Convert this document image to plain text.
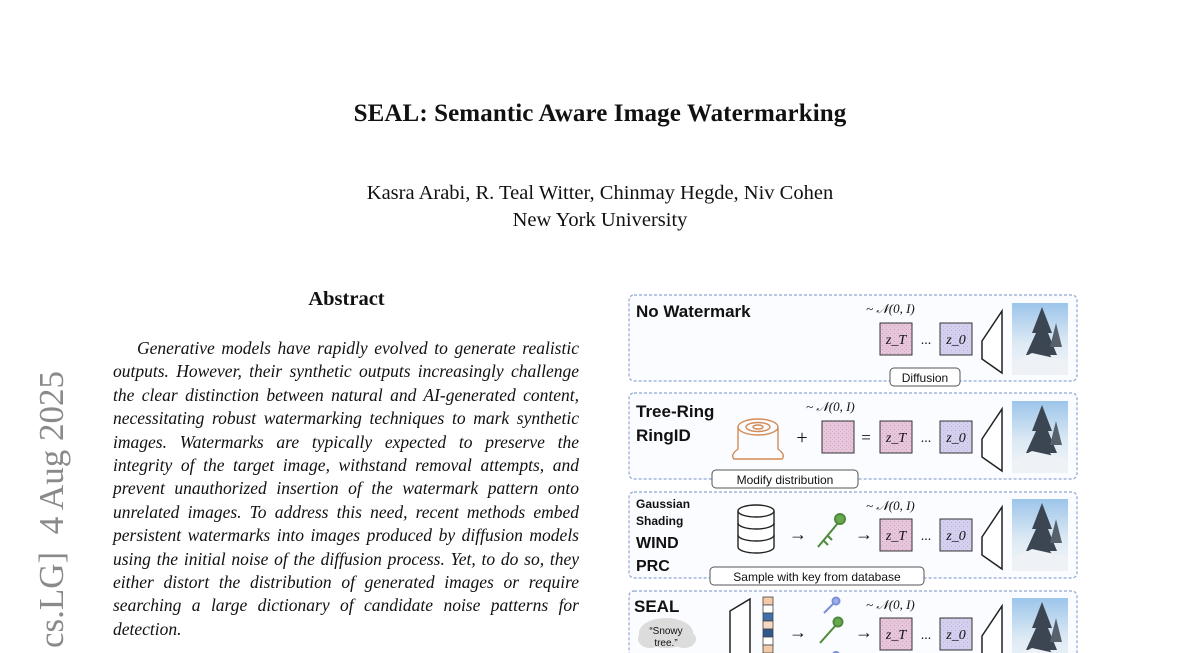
SEAL: Semantic Aware Image Watermarking
Kasra Arabi, R. Teal Witter, Chinmay Hegde, Niv Cohen
New York University
cs.LG]  4 Aug 2025
Abstract
Generative models have rapidly evolved to generate realistic outputs. However, their synthetic outputs increasingly challenge the clear distinction between natural and AI-generated content, necessitating robust watermarking techniques to mark synthetic images. Watermarks are typically expected to preserve the integrity of the target image, withstand removal attempts, and prevent unauthorized insertion of the watermark pattern onto unrelated images. To address this need, recent methods embed persistent watermarks into images produced by diffusion models using the initial noise of the diffusion process. Yet, to do so, they either distort the distribution of generated images or require searching a large dictionary of candidate noise patterns for detection.
No Watermark	~ 𝒩(0, I)
z_T ... z_0
Diffusion
Tree-Ring
RingID	+
~ 𝒩(0, I)
= z_T ... z_0
Modify distribution
Gaussian
Shading
WIND
PRC
→	→
~ 𝒩(0, I)
z_T ... z_0
Sample with key from database
SEAL
“Snowy
tree.”
→	→
~ 𝒩(0, I)
z_T ... z_0
